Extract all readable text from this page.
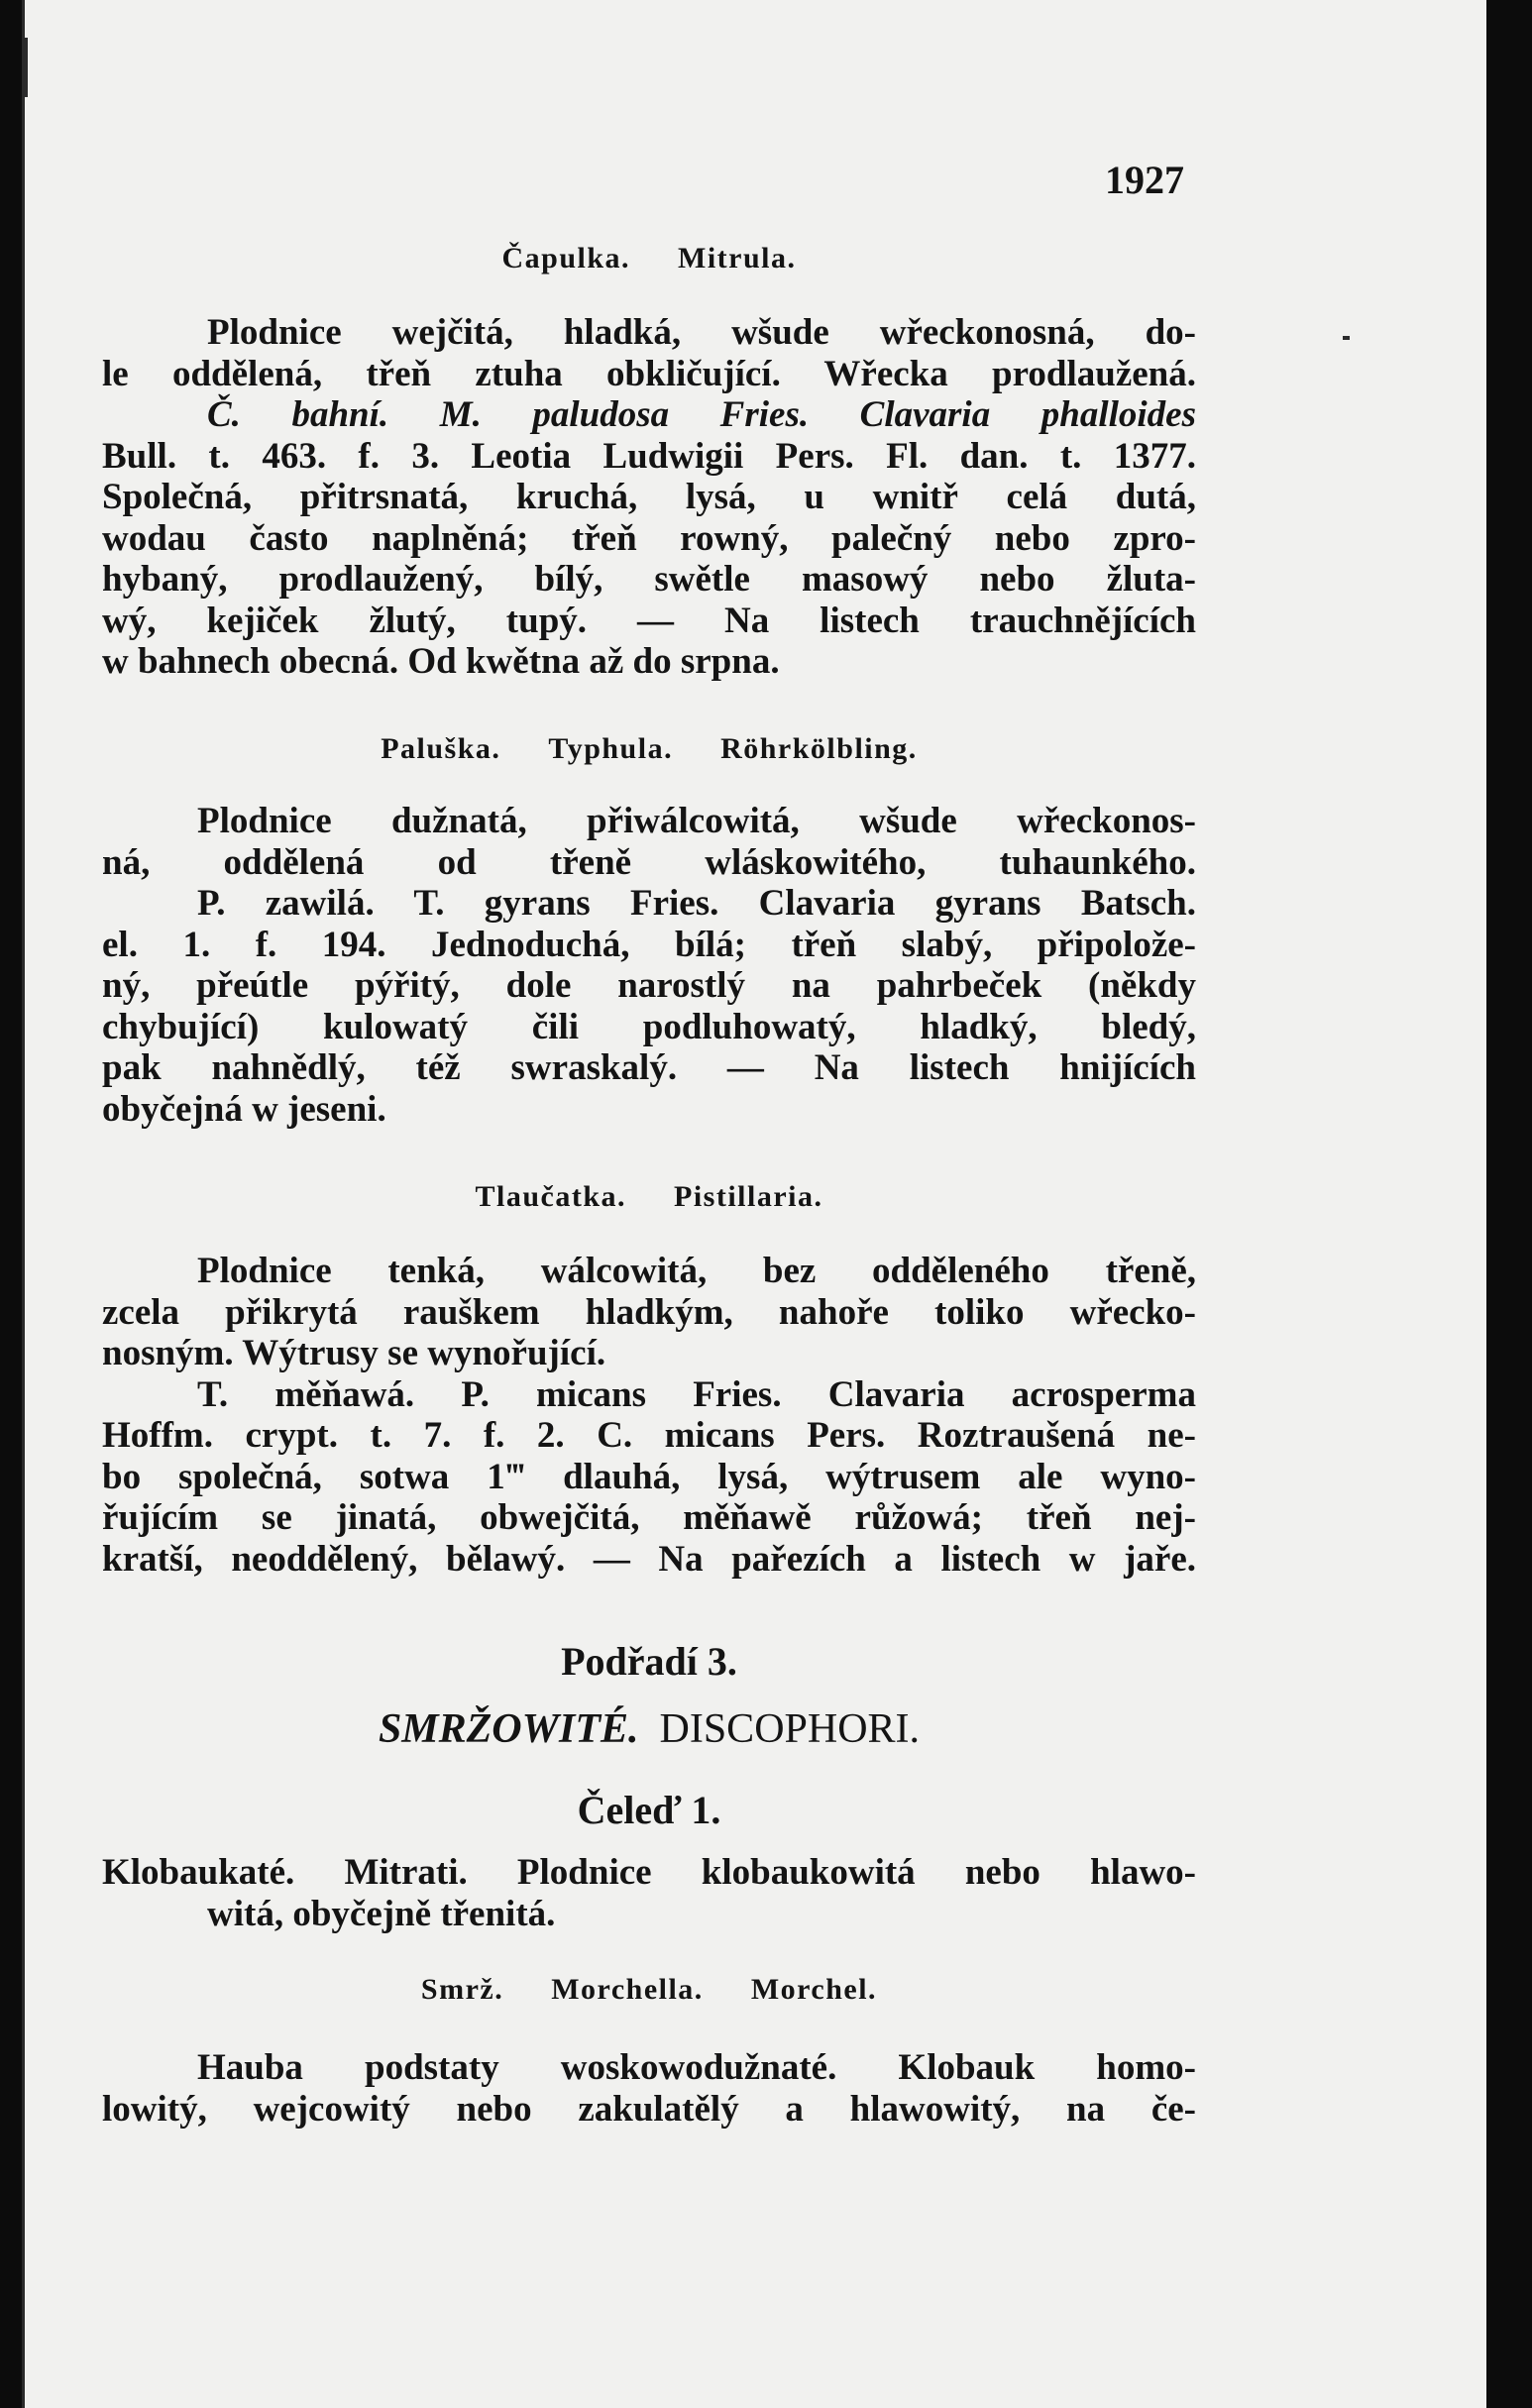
1927
Čapulka. Mitrula.
Plodnice wejčitá, hladká, wšude wřeckonosná, do-
le oddělená, třeň ztuha obkličující. Wřecka prodlaužená.
Č. bahní. M. paludosa Fries. Clavaria phalloides
Bull. t. 463. f. 3. Leotia Ludwigii Pers. Fl. dan. t. 1377.
Společná, přitrsnatá, kruchá, lysá, u wnitř celá dutá,
wodau často naplněná; třeň rowný, palečný nebo zpro-
hybaný, prodlaužený, bílý, swětle masowý nebo žluta-
wý, kejiček žlutý, tupý. — Na listech trauchnějících
w bahnech obecná. Od kwětna až do srpna.
Paluška. Typhula. Röhrkölbling.
Plodnice dužnatá, přiwálcowitá, wšude wřeckonos-
ná, oddělená od třeně wláskowitého, tuhaunkého.
P. zawilá. T. gyrans Fries. Clavaria gyrans Batsch.
el. 1. f. 194. Jednoduchá, bílá; třeň slabý, připolože-
ný, přeútle pýřitý, dole narostlý na pahrbeček (někdy
chybující) kulowatý čili podluhowatý, hladký, bledý,
pak nahnědlý, též swraskalý. — Na listech hnijících
obyčejná w jeseni.
Tlaučatka. Pistillaria.
Plodnice tenká, wálcowitá, bez odděleného třeně,
zcela přikrytá rauškem hladkým, nahoře toliko wřecko-
nosným. Wýtrusy se wynořující.
T. měňawá. P. micans Fries. Clavaria acrosperma
Hoffm. crypt. t. 7. f. 2. C. micans Pers. Roztraušená ne-
bo společná, sotwa 1‴ dlauhá, lysá, wýtrusem ale wyno-
řujícím se jinatá, obwejčitá, měňawě růžowá; třeň nej-
kratší, neoddělený, bělawý. — Na pařezích a listech w jaře.
Podřadí 3.
SMRŽOWITÉ. DISCOPHORI.
Čeleď 1.
Klobaukaté. Mitrati. Plodnice klobaukowitá nebo hlawo-
witá, obyčejně třenitá.
Smrž. Morchella. Morchel.
Hauba podstaty woskowodužnaté. Klobauk homo-
lowitý, wejcowitý nebo zakulatělý a hlawowitý, na če-
